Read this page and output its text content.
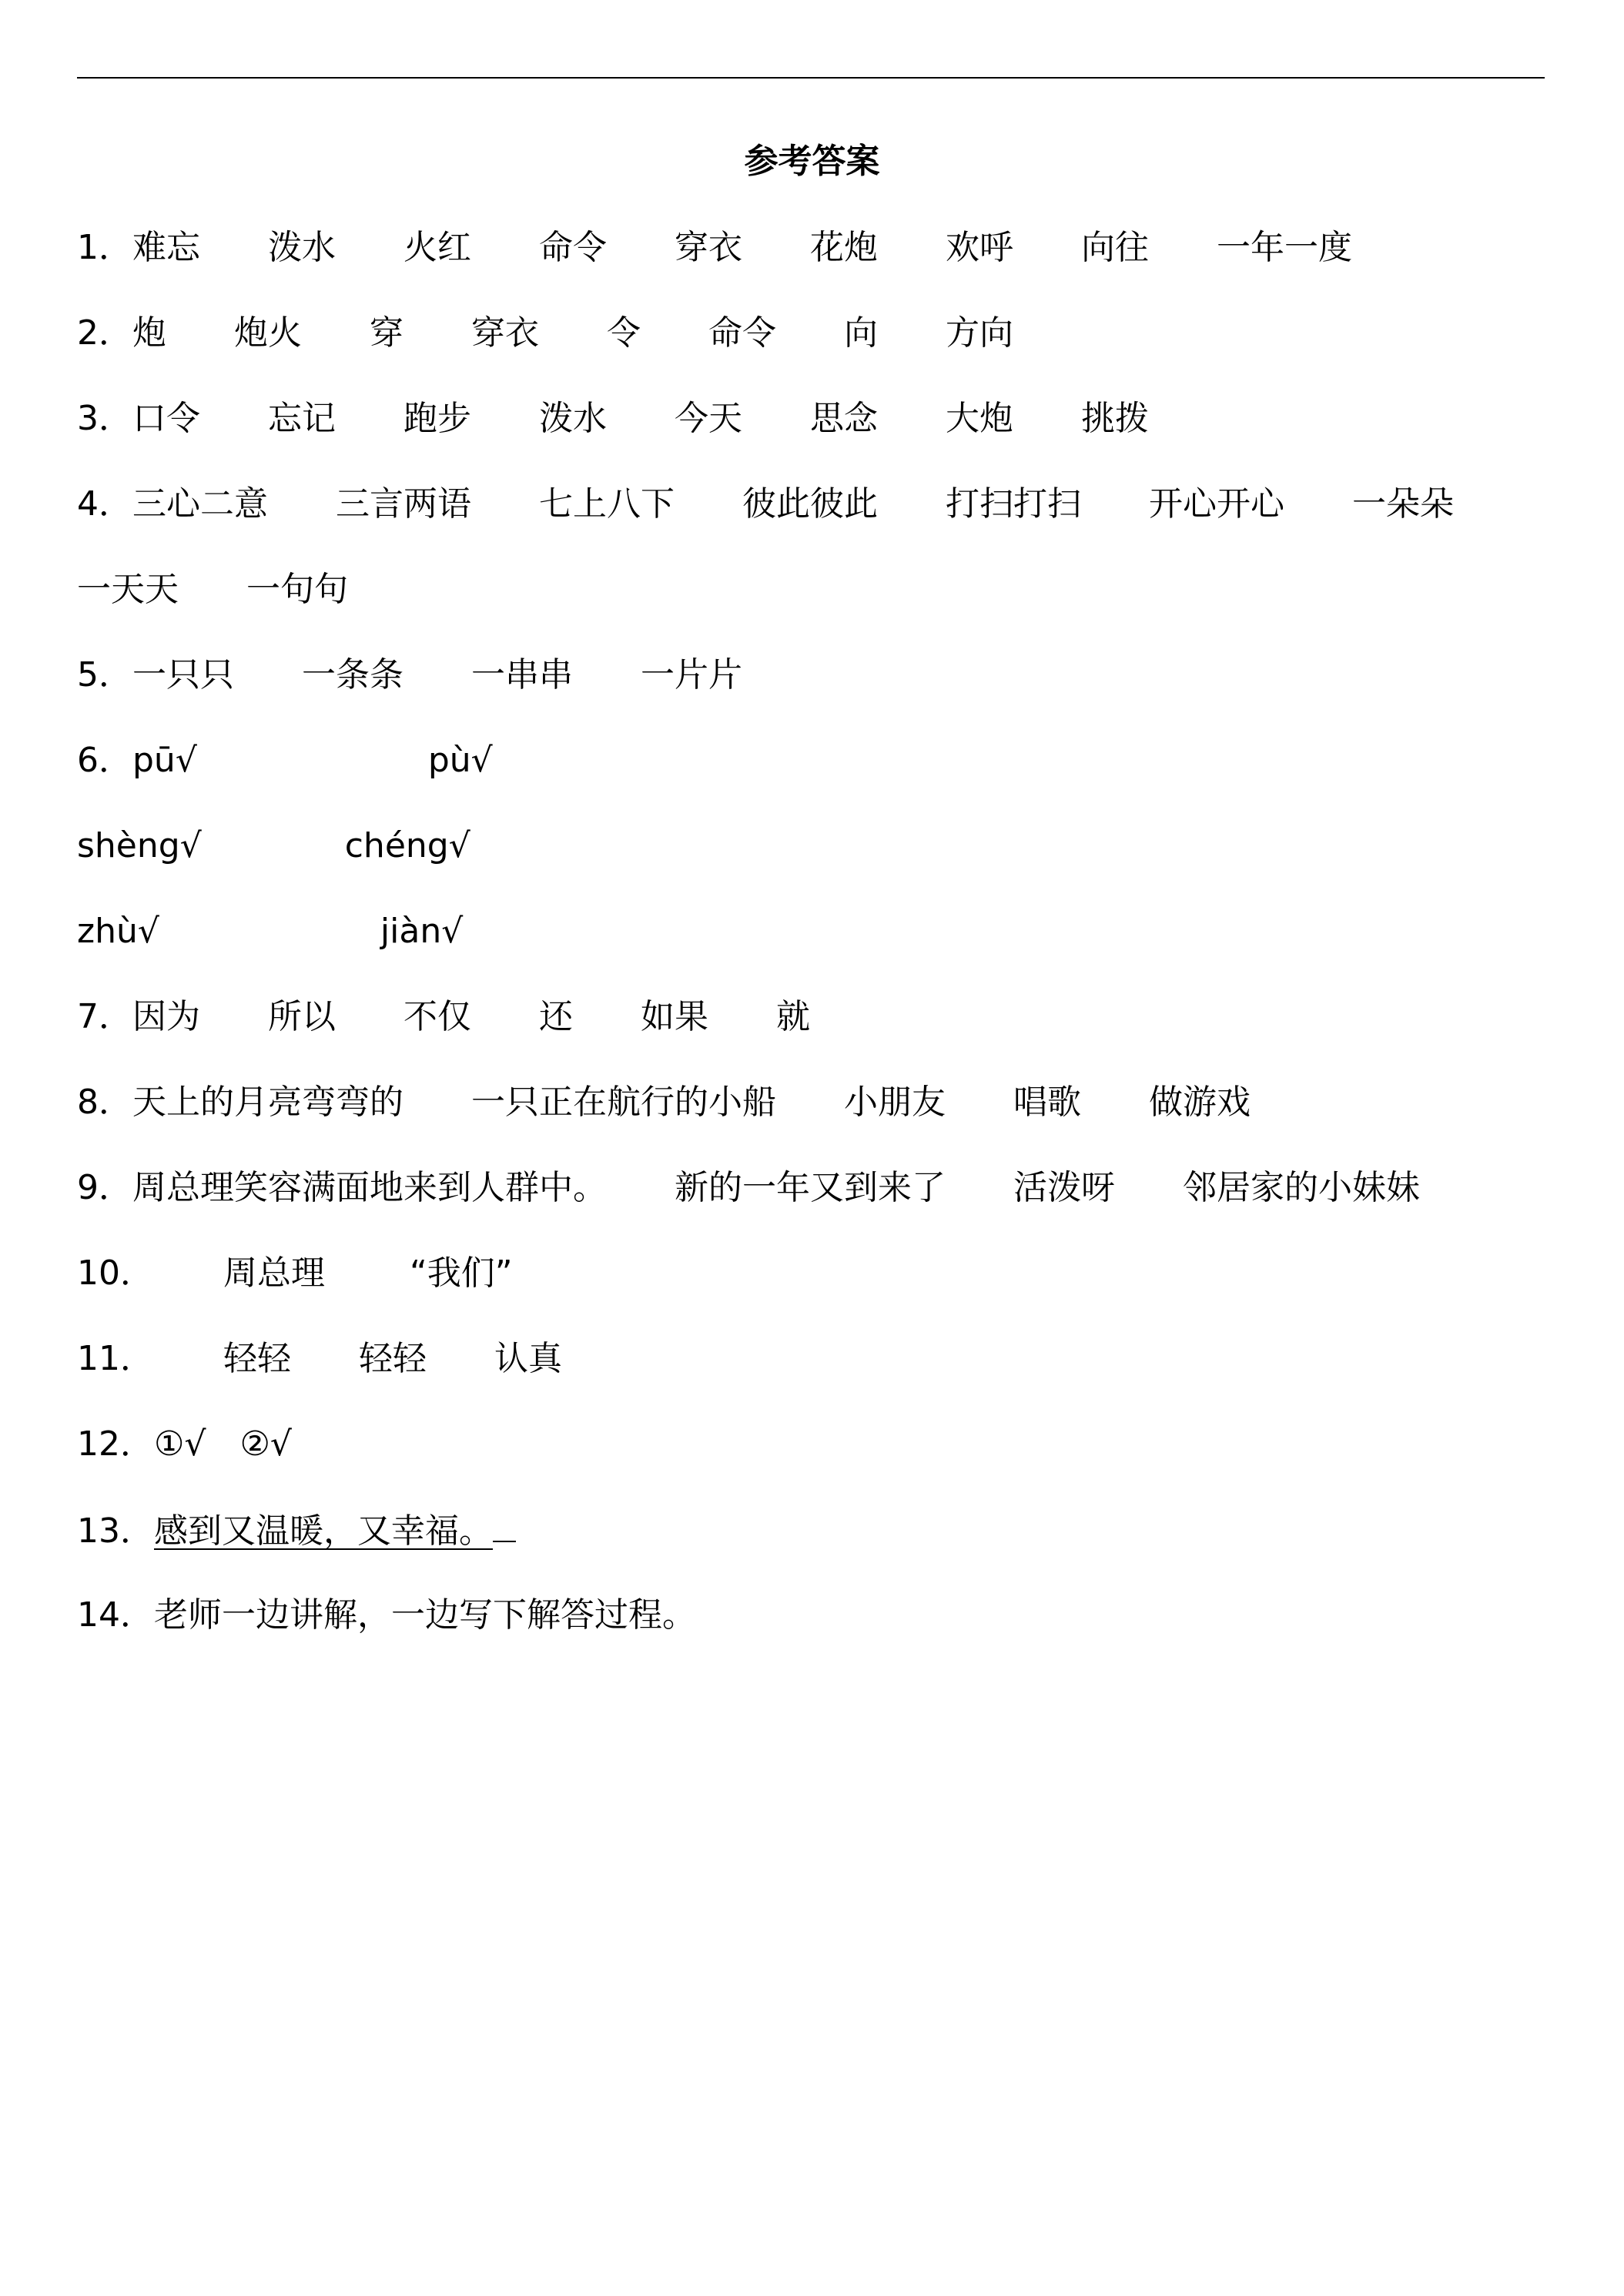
参考答案
1．难忘 泼水 火红 命令 穿衣 花炮 欢呼 向往 一年一度
2．炮 炮火 穿 穿衣 令 命令 向 方向
3．口令 忘记 跑步 泼水 今天 思念 大炮 挑拨
4．三心二意 三言两语 七上八下 彼此彼此 打扫打扫 开心开心 一朵朵
一天天 一句句
5．一只只 一条条 一串串 一片片
6．pū√	pù√
shèng√	chéng√
zhù√	jiàn√
7．因为 所以 不仅 还 如果 就
8．天上的月亮弯弯的 一只正在航行的小船 小朋友 唱歌 做游戏
9．周总理笑容满面地来到人群中。 新的一年又到来了 活泼呀 邻居家的小妹妹
10． 周总理	“我们”
11． 轻轻 轻轻 认真
12．①√ ②√
13．感到又温暖，又幸福。
14．老师一边讲解，一边写下解答过程。
